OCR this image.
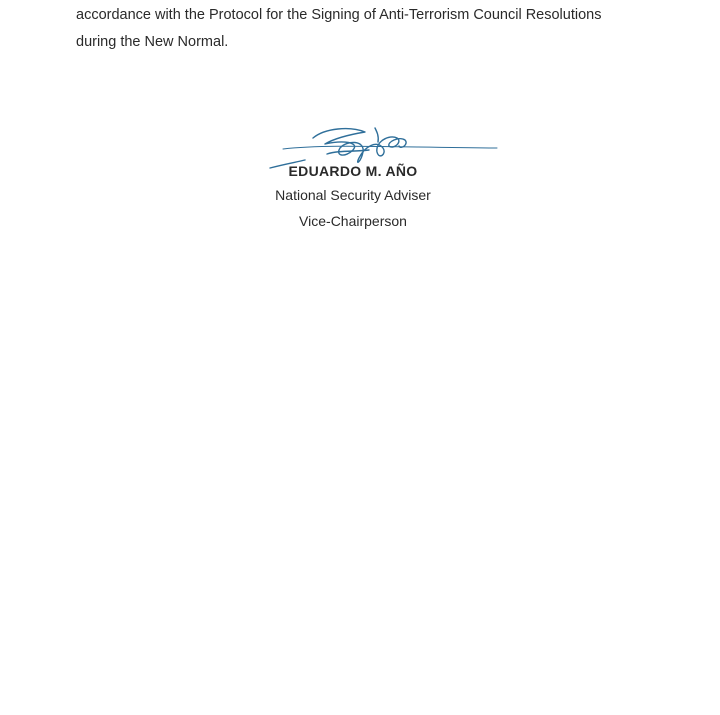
accordance with the Protocol for the Signing of Anti-Terrorism Council Resolutions
during the New Normal.

EDUARDO M. AÑO

National Security Adviser

Vice-Chairperson
